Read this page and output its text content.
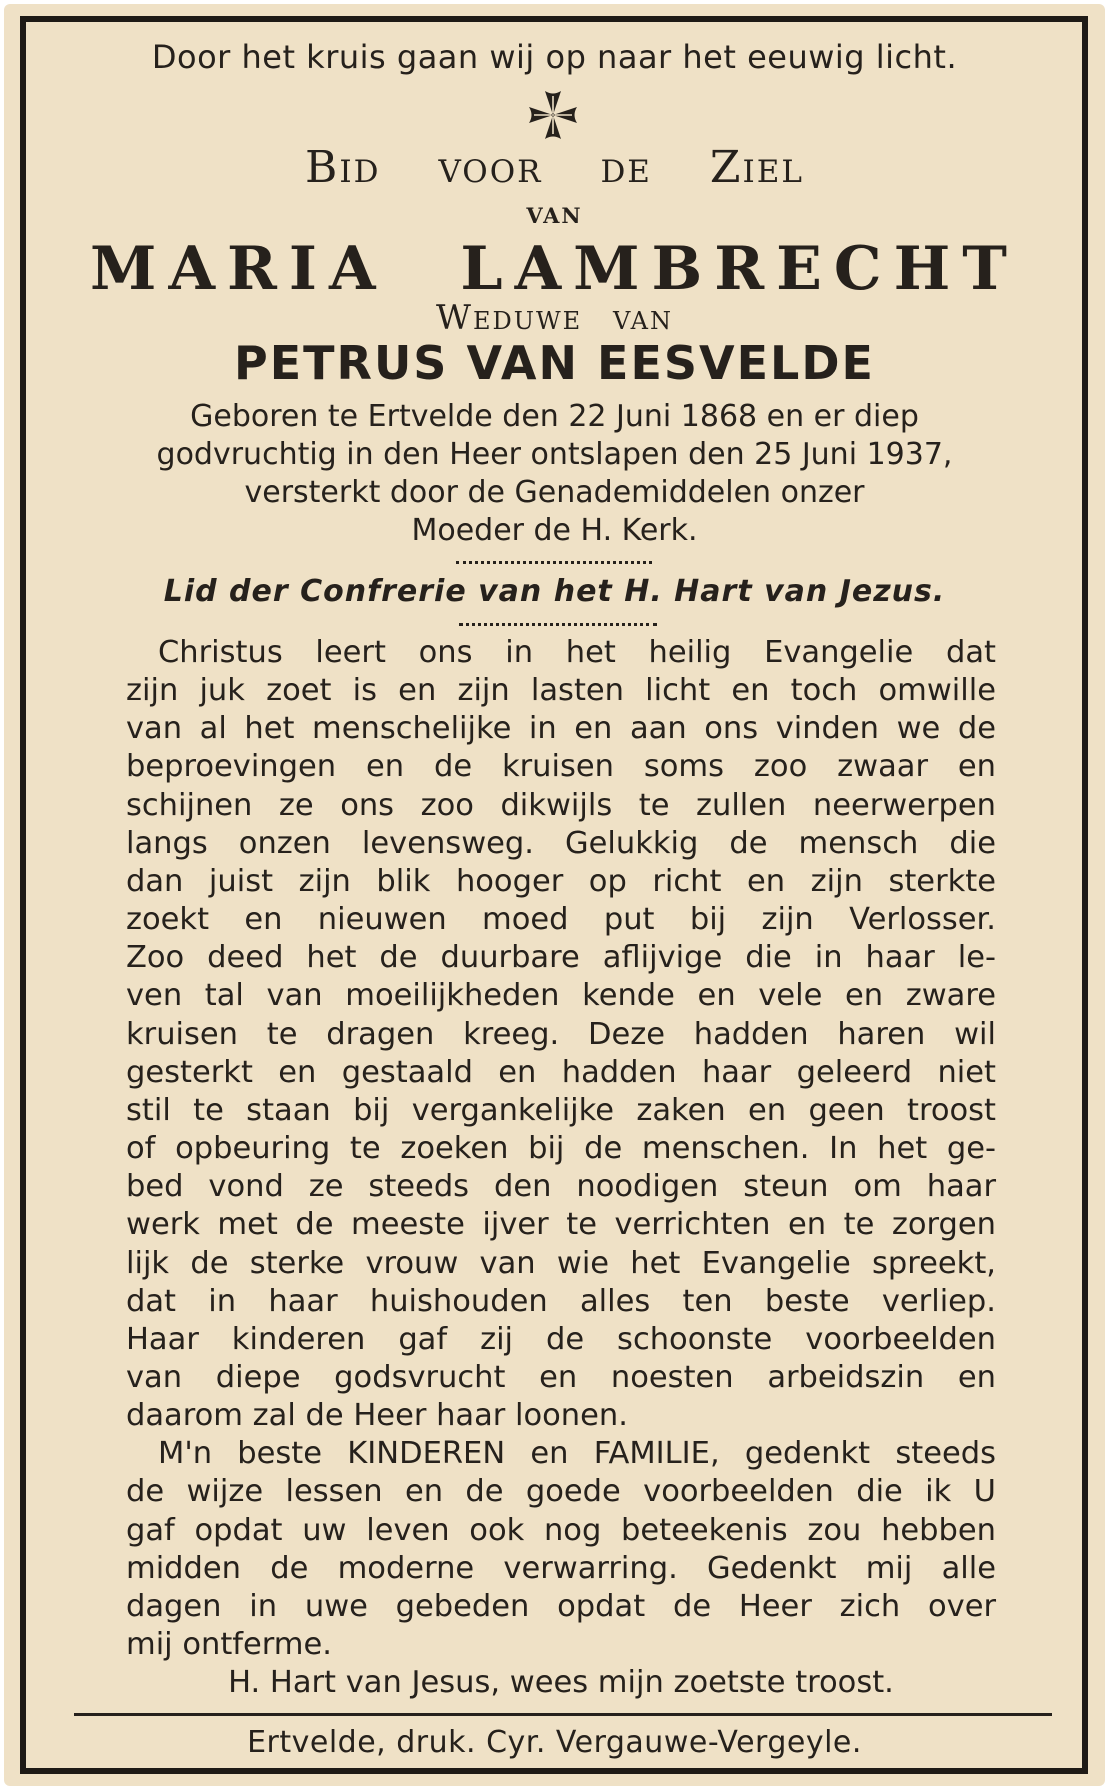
Door het kruis gaan wij op naar het eeuwig licht.
Bid voor de Ziel
van
MARIA LAMBRECHT
Weduwe van
PETRUS VAN EESVELDE
Geboren te Ertvelde den 22 Juni 1868 en er diep
godvruchtig in den Heer ontslapen den 25 Juni 1937,
versterkt door de Genademiddelen onzer
Moeder de H. Kerk.
Lid der Confrerie van het H. Hart van Jezus.
Christus leert ons in het heilig Evangelie dat
zijn juk zoet is en zijn lasten licht en toch omwille
van al het menschelijke in en aan ons vinden we de
beproevingen en de kruisen soms zoo zwaar en
schijnen ze ons zoo dikwijls te zullen neerwerpen
langs onzen levensweg. Gelukkig de mensch die
dan juist zijn blik hooger op richt en zijn sterkte
zoekt en nieuwen moed put bij zijn Verlosser.
Zoo deed het de duurbare aflijvige die in haar le-
ven tal van moeilijkheden kende en vele en zware
kruisen te dragen kreeg. Deze hadden haren wil
gesterkt en gestaald en hadden haar geleerd niet
stil te staan bij vergankelijke zaken en geen troost
of opbeuring te zoeken bij de menschen. In het ge-
bed vond ze steeds den noodigen steun om haar
werk met de meeste ijver te verrichten en te zorgen
lijk de sterke vrouw van wie het Evangelie spreekt,
dat in haar huishouden alles ten beste verliep.
Haar kinderen gaf zij de schoonste voorbeelden
van diepe godsvrucht en noesten arbeidszin en
daarom zal de Heer haar loonen.
M'n beste KINDEREN en FAMILIE, gedenkt steeds
de wijze lessen en de goede voorbeelden die ik U
gaf opdat uw leven ook nog beteekenis zou hebben
midden de moderne verwarring. Gedenkt mij alle
dagen in uwe gebeden opdat de Heer zich over
mij ontferme.
H. Hart van Jesus, wees mijn zoetste troost.
Ertvelde, druk. Cyr. Vergauwe-Vergeyle.
